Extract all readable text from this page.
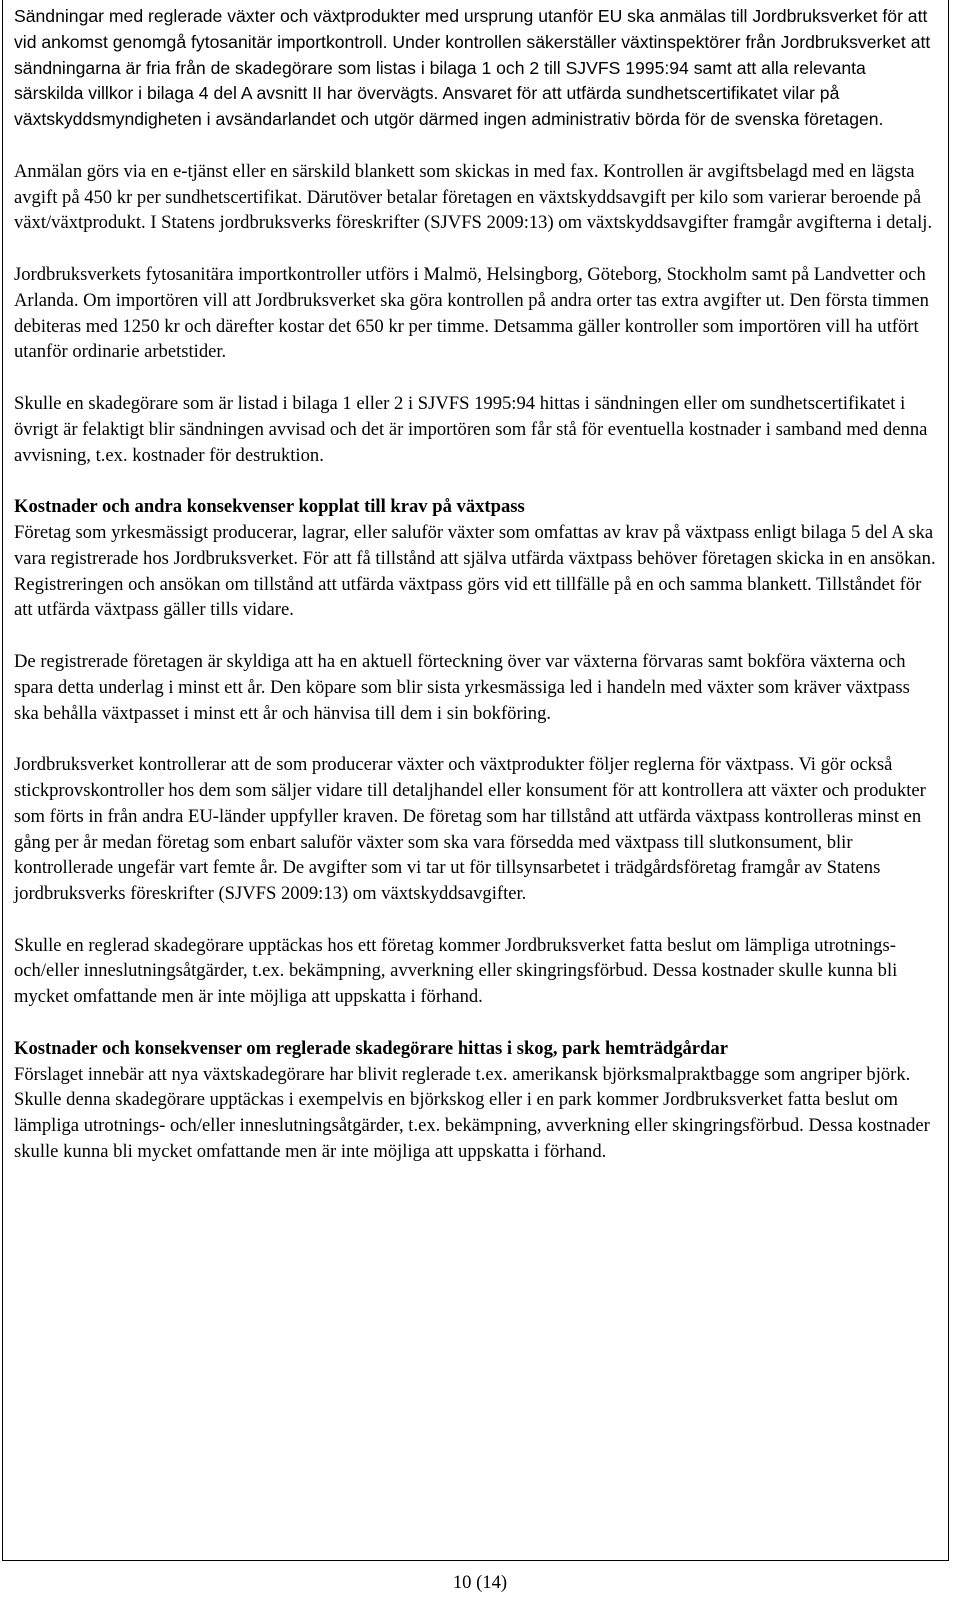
Sändningar med reglerade växter och växtprodukter med ursprung utanför EU ska anmälas till Jordbruksverket för att vid ankomst genomgå fytosanitär importkontroll. Under kontrollen säkerställer växtinspektörer från Jordbruksverket att sändningarna är fria från de skadegörare som listas i bilaga 1 och 2 till SJVFS 1995:94 samt att alla relevanta särskilda villkor i bilaga 4 del A avsnitt II har övervägts. Ansvaret för att utfärda sundhetscertifikatet vilar på växtskyddsmyndigheten i avsändarlandet och utgör därmed ingen administrativ börda för de svenska företagen.

Anmälan görs via en e-tjänst eller en särskild blankett som skickas in med fax. Kontrollen är avgiftsbelagd med en lägsta avgift på 450 kr per sundhetscertifikat. Därutöver betalar företagen en växtskyddsavgift per kilo som varierar beroende på växt/växtprodukt. I Statens jordbruksverks föreskrifter (SJVFS 2009:13) om växtskyddsavgifter framgår avgifterna i detalj.

Jordbruksverkets fytosanitära importkontroller utförs i Malmö, Helsingborg, Göteborg, Stockholm samt på Landvetter och Arlanda. Om importören vill att Jordbruksverket ska göra kontrollen på andra orter tas extra avgifter ut. Den första timmen debiteras med 1250 kr och därefter kostar det 650 kr per timme. Detsamma gäller kontroller som importören vill ha utfört utanför ordinarie arbetstider.

Skulle en skadegörare som är listad i bilaga 1 eller 2 i SJVFS 1995:94 hittas i sändningen eller om sundhetscertifikatet i övrigt är felaktigt blir sändningen avvisad och det är importören som får stå för eventuella kostnader i samband med denna avvisning, t.ex. kostnader för destruktion.

Kostnader och andra konsekvenser kopplat till krav på växtpass
Företag som yrkesmässigt producerar, lagrar, eller saluför växter som omfattas av krav på växtpass enligt bilaga 5 del A ska vara registrerade hos Jordbruksverket. För att få tillstånd att själva utfärda växtpass behöver företagen skicka in en ansökan. Registreringen och ansökan om tillstånd att utfärda växtpass görs vid ett tillfälle på en och samma blankett. Tillståndet för att utfärda växtpass gäller tills vidare.

De registrerade företagen är skyldiga att ha en aktuell förteckning över var växterna förvaras samt bokföra växterna och spara detta underlag i minst ett år. Den köpare som blir sista yrkesmässiga led i handeln med växter som kräver växtpass ska behålla växtpasset i minst ett år och hänvisa till dem i sin bokföring.

Jordbruksverket kontrollerar att de som producerar växter och växtprodukter följer reglerna för växtpass. Vi gör också stickprovskontroller hos dem som säljer vidare till detaljhandel eller konsument för att kontrollera att växter och produkter som förts in från andra EU-länder uppfyller kraven. De företag som har tillstånd att utfärda växtpass kontrolleras minst en gång per år medan företag som enbart saluför växter som ska vara försedda med växtpass till slutkonsument, blir kontrollerade ungefär vart femte år. De avgifter som vi tar ut för tillsynsarbetet i trädgårdsföretag framgår av Statens jordbruksverks föreskrifter (SJVFS 2009:13) om växtskyddsavgifter.

Skulle en reglerad skadegörare upptäckas hos ett företag kommer Jordbruksverket fatta beslut om lämpliga utrotnings- och/eller inneslutningsåtgärder, t.ex. bekämpning, avverkning eller skingringsförbud. Dessa kostnader skulle kunna bli mycket omfattande men är inte möjliga att uppskatta i förhand.

Kostnader och konsekvenser om reglerade skadegörare hittas i skog, park hemträdgårdar
Förslaget innebär att nya växtskadegörare har blivit reglerade t.ex. amerikansk björksmalpraktbagge som angriper björk. Skulle denna skadegörare upptäckas i exempelvis en björkskog eller i en park kommer Jordbruksverket fatta beslut om lämpliga utrotnings- och/eller inneslutningsåtgärder, t.ex. bekämpning, avverkning eller skingringsförbud. Dessa kostnader skulle kunna bli mycket omfattande men är inte möjliga att uppskatta i förhand.

10 (14)
